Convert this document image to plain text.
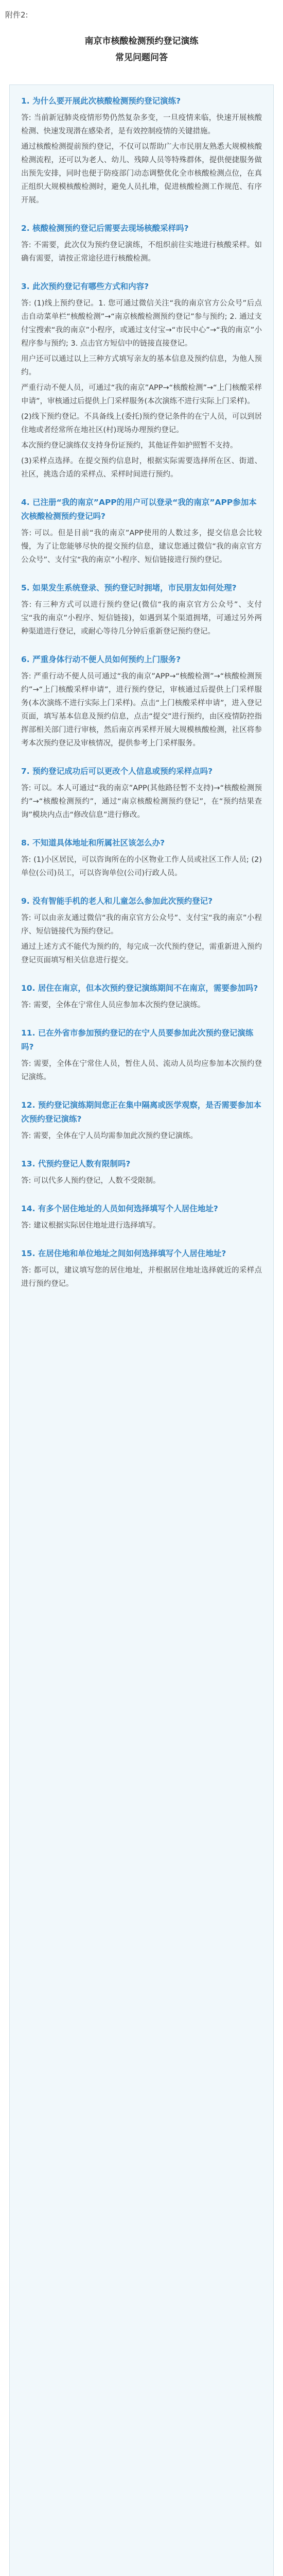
附件2:
南京市核酸检测预约登记演练
常见问题问答
1. 为什么要开展此次核酸检测预约登记演练?

答: 当前新冠肺炎疫情形势仍然复杂多变，一旦疫情来临，快速开展核酸检测、快速发现潜在感染者，是有效控制疫情的关键措施。

通过核酸检测提前预约登记，不仅可以帮助广大市民朋友熟悉大规模核酸检测流程，还可以为老人、幼儿、残障人员等特殊群体，提供便捷服务做出预先安排，同时也便于防疫部门动态调整优化全市核酸检测点位，在真正组织大规模核酸检测时，避免人员扎堆，促进核酸检测工作规范、有序开展。

2. 核酸检测预约登记后需要去现场核酸采样吗?

答: 不需要，此次仅为预约登记演练，不组织前往实地进行核酸采样。如确有需要，请按正常途径进行核酸检测。

3. 此次预约登记有哪些方式和内容?

答: (1)线上预约登记。1. 您可通过微信关注“我的南京官方公众号”后点击自动菜单栏“核酸检测”→“南京核酸检测预约登记”参与预约; 2. 通过支付宝搜索“我的南京”小程序，或通过支付宝→“市民中心”→“我的南京”小程序参与预约; 3. 点击官方短信中的链接直接登记。

用户还可以通过以上三种方式填写亲友的基本信息及预约信息，为他人预约。

严重行动不便人员，可通过“我的南京”APP→“核酸检测”→“上门核酸采样申请”，审核通过后提供上门采样服务(本次演练不进行实际上门采样)。

(2)线下预约登记。不具备线上(委托)预约登记条件的在宁人员，可以到居住地或者经常所在地社区(村)现场办理预约登记。

本次预约登记演练仅支持身份证预约，其他证件如护照暂不支持。

(3)采样点选择。在提交预约信息时，根据实际需要选择所在区、街道、社区，挑选合适的采样点、采样时间进行预约。

4. 已注册“我的南京”APP的用户可以登录“我的南京”APP参加本次核酸检测预约登记吗?

答: 可以。但是目前“我的南京”APP使用的人数过多，提交信息会比较慢，为了让您能够尽快的提交预约信息，建议您通过微信“我的南京官方公众号”、支付宝“我的南京”小程序、短信链接进行预约登记。

5. 如果发生系统登录、预约登记时拥堵，市民朋友如何处理?

答: 有三种方式可以进行预约登记(微信“我的南京官方公众号”、支付宝“我的南京”小程序、短信链接)，如遇到某个渠道拥堵，可通过另外两种渠道进行登记，或耐心等待几分钟后重新登记预约登记。

6. 严重身体行动不便人员如何预约上门服务?

答: 严重行动不便人员可通过“我的南京”APP→“核酸检测”→“核酸检测预约”→“上门核酸采样申请”，进行预约登记，审核通过后提供上门采样服务(本次演练不进行实际上门采样)。点击“上门核酸采样申请”，进入登记页面，填写基本信息及预约信息，点击“提交”进行预约，由区疫情防控指挥部相关部门进行审核，然后南京再采样开展大规模核酸检测，社区将参考本次预约登记及审核情况，提供参考上门采样服务。

7. 预约登记成功后可以更改个人信息或预约采样点吗?

答: 可以。本人可通过“我的南京”APP(其他路径暂不支持)→“核酸检测预约”→“核酸检测预约”，通过“南京核酸检测预约登记”，在“预约结果查询”模块内点击“修改信息”进行修改。

8. 不知道具体地址和所属社区该怎么办?

答: (1)小区居民，可以咨询所在的小区物业工作人员或社区工作人员; (2)单位(公司)员工，可以咨询单位(公司)行政人员。

9. 没有智能手机的老人和儿童怎么参加此次预约登记?

答: 可以由亲友通过微信“我的南京官方公众号”、支付宝“我的南京”小程序、短信链接代为预约登记。

通过上述方式不能代为预约的，每完成一次代预约登记，需重新进入预约登记页面填写相关信息进行提交。

10. 居住在南京，但本次预约登记演练期间不在南京，需要参加吗?

答: 需要，全体在宁常住人员应参加本次预约登记演练。

11. 已在外省市参加预约登记的在宁人员要参加此次预约登记演练吗?

答: 需要，全体在宁常住人员，暂住人员、流动人员均应参加本次预约登记演练。

12. 预约登记演练期间您正在集中隔离或医学观察，是否需要参加本次预约登记演练?

答: 需要，全体在宁人员均需参加此次预约登记演练。

13. 代预约登记人数有限制吗?

答: 可以代多人预约登记，人数不受限制。

14. 有多个居住地址的人员如何选择填写个人居住地址?

答: 建议根据实际居住地址进行选择填写。

15. 在居住地和单位地址之间如何选择填写个人居住地址?

答: 都可以，建议填写您的居住地址，并根据居住地址选择就近的采样点进行预约登记。
